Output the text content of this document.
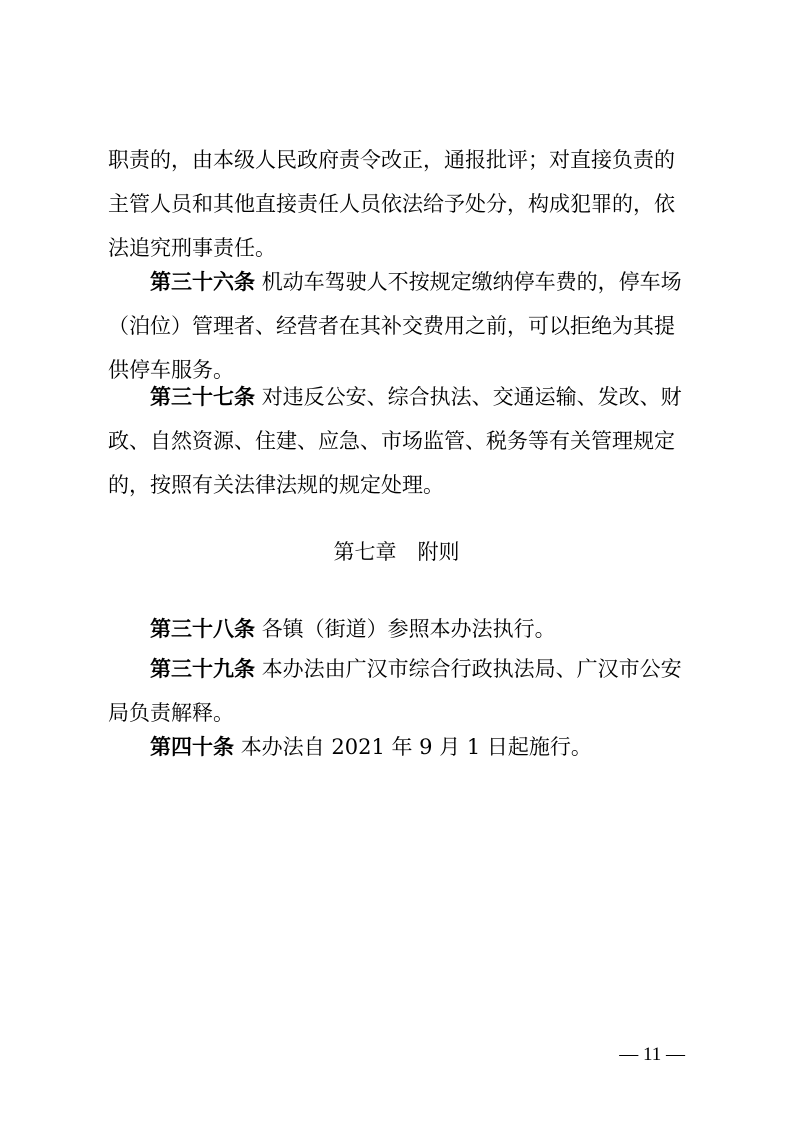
职责的，由本级人民政府责令改正，通报批评；对直接负责的
主管人员和其他直接责任人员依法给予处分，构成犯罪的，依
法追究刑事责任。
第三十六条 机动车驾驶人不按规定缴纳停车费的，停车场
（泊位）管理者、经营者在其补交费用之前，可以拒绝为其提
供停车服务。
第三十七条 对违反公安、综合执法、交通运输、发改、财
政、自然资源、住建、应急、市场监管、税务等有关管理规定
的，按照有关法律法规的规定处理。

第七章　附则

第三十八条 各镇（街道）参照本办法执行。
第三十九条 本办法由广汉市综合行政执法局、广汉市公安
局负责解释。
第四十条 本办法自 2021 年 9 月 1 日起施行。
— 11 —
